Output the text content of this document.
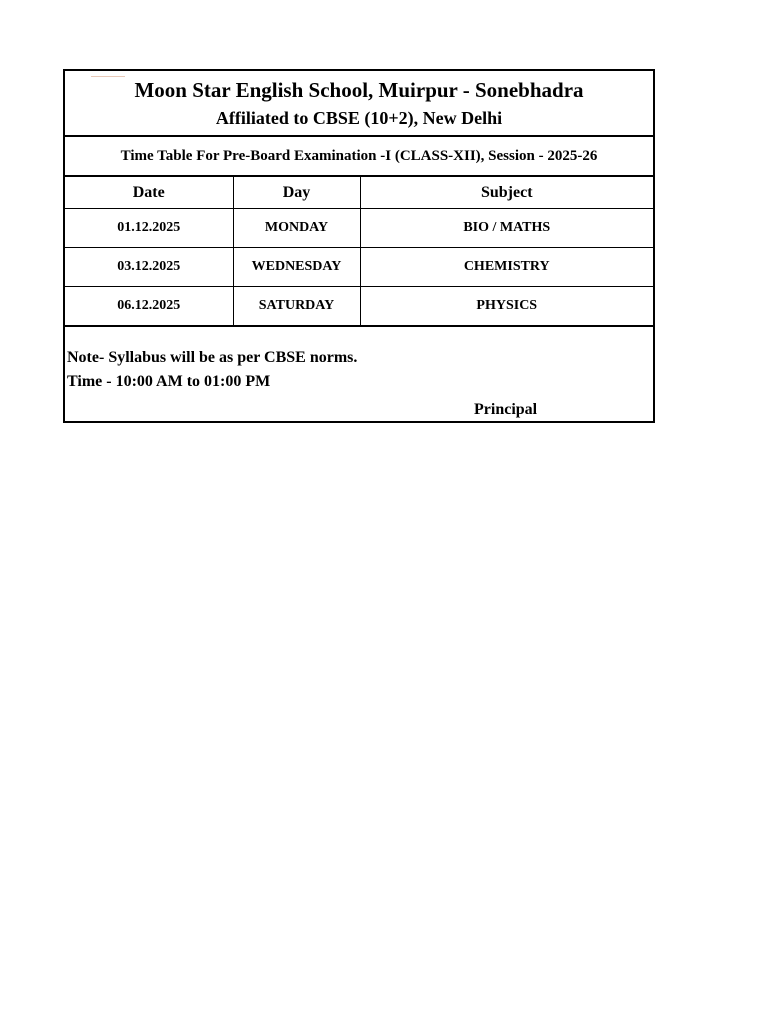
Moon Star English School, Muirpur - Sonebhadra
Affiliated to CBSE (10+2), New Delhi
Time Table For Pre-Board Examination -I (CLASS-XII), Session - 2025-26
Date	Day	Subject
01.12.2025	MONDAY	BIO / MATHS
03.12.2025	WEDNESDAY	CHEMISTRY
06.12.2025	SATURDAY	PHYSICS
Note- Syllabus will be as per CBSE norms.
Time - 10:00 AM to 01:00 PM
Principal
